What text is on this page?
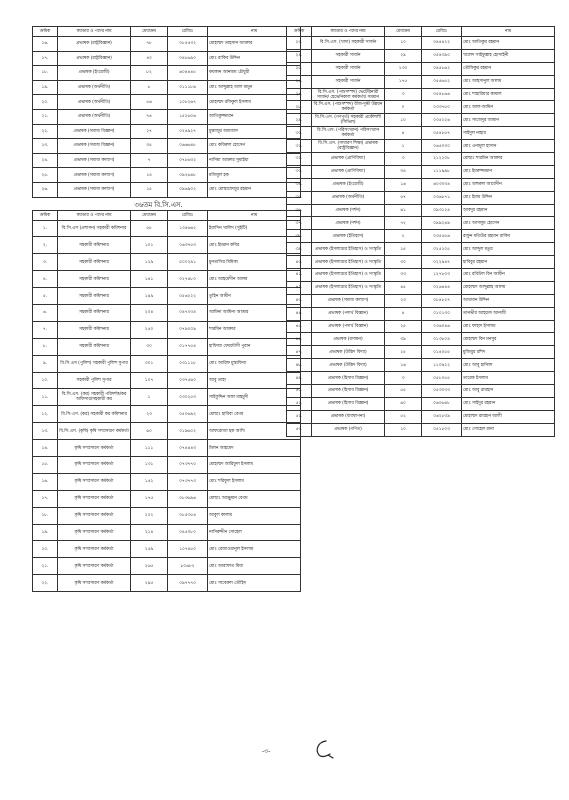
ক্রমিক	ক্যাডার ও পদের নাম	মেধাক্রম	রেজিঃ	নাম
১৬.	প্রভাষক (রাষ্ট্রবিজ্ঞান)	৭৮	০৮৫৫৩২	মোহাম্মদ তাহসান আক্তার
১৭.	প্রভাষক (রাষ্ট্রবিজ্ঞান)	৪০	০৪৮৬৯০	মোঃ রাকিব উদ্দিন
১৮.	প্রভাষক (ইংরেজী)	৮২	৬০৪৪৪৫	কয়কান আনজম চৌধুরী
১৯.	প্রভাষক (অর্থনীতি)	৮	০১১১৮৯	মোঃ আব্দুল্লাহ আল মামুন
২০.	প্রভাষক (অর্থনীতি)	৫৬	১০৮২৬৭	মোহাম্মদ রফিকুল ইসলাম
২১.	প্রভাষক (অর্থনীতি)	৭৪	১৫২৬০৬	আতিকুজ্জামান
২২.	প্রভাষক (সমাজ বিজ্ঞান)	২৭	০২৪৯২৭	মুন্তাজুর আমজাদ
২৩.	প্রভাষক (সমাজ বিজ্ঞান)	৩৫	০৬৬৬৪৮	মোঃ কবিরুল হোসেন
২৪.	প্রভাষক (সমাজ কল্যাণ)	৭	০৭৮৬৩২	নাসিমা আক্তার সুমাইয়া
২৫.	প্রভাষক (সমাজ কল্যাণ)	১৪	০৯২৬৪৮	মজিবুল হক
২৬.	প্রভাষক (সমাজ কল্যাণ)	১৫	০৯৬৯০২	মোঃ মোস্তাফেজুর রহমান
৩৬তম বি.সি.এস.
ক্রমিক	ক্যাডার ও পদের নাম	মেধাক্রম	রেজিঃ	নাম
১.	বি.সি.এস (প্রশাসন) সহকারী কমিশনার	৫৮	১৩৫৬৬২	ইয়াসিন খালিদ (সুইটি)
২.	সহকারী কমিশনার	১০১	০৬৩৭৫৩	মোঃ ইমরান কবির
৩.	সহকারী কমিশনার	১২৯	৫০০২৯১	মুনতাসির মিমিকা
৪.	সহকারী কমিশনার	১৪১	০২৭৪৮০	মোঃ আহমেদীন আলম
৫.	সহকারী কমিশনার	১৪৯	০৫৬২২২	তুহিন আমীন
৬.	সহকারী কমিশনার	২০৪	০৪৭০৩৪	আমিনা আমিনা আত্তার
৭.	সহকারী কমিশনার	২৫০	০৭৯০০৯	শারমিন আক্তার
৮.	সহকারী কমিশনার	৩০	০১৭৭৫৪	হাফিজা ফেরদৌসী পুরান
৯.	বি.সি.এস (পুলিশ) সহকারী পুলিশ সুপার	৩০১	০৩১১১৮	মোঃ আরিফ মুস্তাফিজ
১০.	সহকারী পুলিশ সুপার	১০৭	০৩৭৫৬০	আবু তাহা
১১.	বি.সি.এস. (কর) সহকারী পরিদর্শক/কর অফিসার/সহকারী কর	১	০৩০২৫৩	সাইফুদ্দিন আল মাহমুদী
১২.	বি.সি.এস. (কর) সহকারী কর কমিশনার	২৩	০৫০৬৯২	মোছাঃ হাবিবা বেগম
১৩.	বি.সি.এস. (কৃষি) কৃষি সম্প্রসারণ কর্মকর্তা	৬০	০১৯৬০২	আফরোজা হক আখি
১৪.	কৃষি সম্প্রসারণ কর্মকর্তা	১১১	০৭৪৪৪৩	মিলন আহমেদ
১৫.	কৃষি সম্প্রসারণ কর্মকর্তা	১৩১	০৭৩৭৭০	মোহাম্মদ আরিফুল ইসলাম
১৬.	কৃষি সম্প্রসারণ কর্মকর্তা	১৫২	০৭৩৭৭৩	মোঃ শরিফুল ইসলাম
১৭.	কৃষি সম্প্রসারণ কর্মকর্তা	১৭৫	০৮৩৬৯৬	মোছাঃ আঞ্জুমান বেগম
১৮.	কৃষি সম্প্রসারণ কর্মকর্তা	২০২	০৮৫৩৫৪	আবুল কালাম
১৯.	কৃষি সম্প্রসারণ কর্মকর্তা	২১৪	০৪৫০৮০	নাসিরুদ্দীন সোহেল
২০.	কৃষি সম্প্রসারণ কর্মকর্তা	২৫৯	১০৭৪৫০	মোঃ রেজাওয়ানুল ইসলাম
২১.	কৃষি সম্প্রসারণ কর্মকর্তা	২৬৫	৮০৬৮২	মোঃ আরাফাত মিয়া
২২.	কৃষি সম্প্রসারণ কর্মকর্তা	২৯৫	০৯৭৭৭০	মোঃ সাবেরুল তৌহিদ
ক্রমিক	ক্যাডার ও পদের নাম	মেধাক্রম	রেজিঃ	নাম
২৩.	বি.সি.এস. (খাদ্য) সহকারী সার্জন	১০	০৪৪৪২২	মোঃ আতিকুর রহমান
২৪.	সহকারী সার্জন	২৯	০৫৪৩৯০	খালেদ সাইফুল্লাহ হোসাইনী
২৫.	সহকারী সার্জন	১৩০	০৪৫৮৬২	তৌফিকুর রহমান
২৬.	সহকারী সার্জন	১৭৫	০৫৫৬৫২	মোঃ আহসানুল আলম
২৭.	বি.সি.এস. (পশুসম্পদ) ভেটেরিনারী সার্জন/ হেভেনিকাল কর্মকর্তা/ সমমান	৩	০৫৪৮৬৬	মোঃ শাহারিয়ার কামাল
২৮.	বি.সি.এস. (পশুসম্পদ) বীজ-দুগ্ধী উন্নয়ন কর্মকর্তা	০	০৩৩৭৫০	মোঃ আল-আমিন
২৯.	বি.সি.এস. (গণপূর্ত) সহকারী প্রকৌশলী (সিভিল)	১০	০৩৫২২৬	মোঃ সাজেদুর জামান
৩০.	বি.সি.এস. (পরিসংখ্যান) পরিসংখ্যান কর্মকর্তা	৪	০৫৪৮৫৭	সাইদুল নাহার
৩১.	বি.সি.এস. (সাধারণ শিক্ষা) প্রভাষক (রাষ্ট্রবিজ্ঞান)	১	০৬৫০৩০	মোঃ এনামুল হাসান
৩২.	প্রভাষক (প্রাণিবিদ্যা)	৩	২১২২০৮	মোছাঃ শারমিন আক্তার
৩৩.	প্রভাষক (প্রাণিবিদ্যা)	৩৪	১১১৯৯৮	মোঃ ইমরুজ্জামান
৩৪.	প্রভাষক (ইংরেজী)	১৬	৬০৩০৩৪	মোঃ জহুরুল আবেদীন
৩৫.	প্রভাষক (অর্থনীতি)	৫৭	০৩৬৮৭১	মোঃ ইমাম উদ্দিন
৩৬.	প্রভাষক (দর্শন)	৬১	০৯৩১২৪	আবদুর রহমান
৩৭.	প্রভাষক (দর্শন)	৭২	০৯৯২৪৯	মোঃ আসলুম হোসেন
৩৮.	প্রভাষক (ইতিহাস)	২	০৩৫৫৫৬	রাফুন মতিউর রহমান রাকিব
৩৯.	প্রভাষক (ইসলামের ইতিহাস) ও সংস্কৃতি	১৫	০২৫২০৫	মোঃ আব্দুল মতুর
৪০.	প্রভাষক (ইসলামের ইতিহাস) ও সংস্কৃতি	৩০	০২২৯৪৭	হাবিবুর রহমান
৪১.	প্রভাষক (ইসলামের ইতিহাস) ও সংস্কৃতি	৩৩	১২৭৮০৩	মোঃ রবিউল বিন আমীন
৪২.	প্রভাষক (ইসলামের ইতিহাস) ও সংস্কৃতি	৪৫	০২৬৪৪৪	মোহাম্মদ আব্দুল্লাহ আলম
৪৩.	প্রভাষক (সমাজ কল্যাণ)	২৩	০৮৪৮২৭	আতমান উদ্দিন
৪৪.	প্রভাষক (পদার্থ বিজ্ঞান)	৪	০১০১৩০	তানভীর আহমেদ আনজী
৪৫.	প্রভাষক (পদার্থ বিজ্ঞান)	২৫	০৩৬০৪৬	মোঃ ফাহাদ ইসলাম
৪৬.	প্রভাষক (রসায়ন)	৩৯	০১৩৮০৪	মোহাম্মদ বিন মনসুর
৪৭.	প্রভাষক (উদ্ভিদ বিদ্যা)	২৫	০১৪০৫৫	মুজিবুর রশিদ
৪৮.	প্রভাষক (উদ্ভিদ বিদ্যা)	১৬	১১০৯২২	মোঃ আবু হানিফা
৪৯.	প্রভাষক (হিসাব বিজ্ঞান)	৩	০৫৮০৫৫	তারেক ইসলাম
৫০.	প্রভাষক (হিসাব বিজ্ঞান)	৫৫	০৫৩০৩৩	মোঃ আবু রায়হান
৫১.	প্রভাষক (হিসাব বিজ্ঞান)	৬০	০৬০৬৪৮	মোঃ সাইদুর রহমান
৫২.	প্রভাষক (ব্যবস্থাপনা)	৫২	০৬২৮৩৯	মোহাম্মদ রায়হান আলী
৫৩.	প্রভাষক (গণিত)	১০	০৫১৮০৩	মোঃ সোহেল রানা
-৩-
